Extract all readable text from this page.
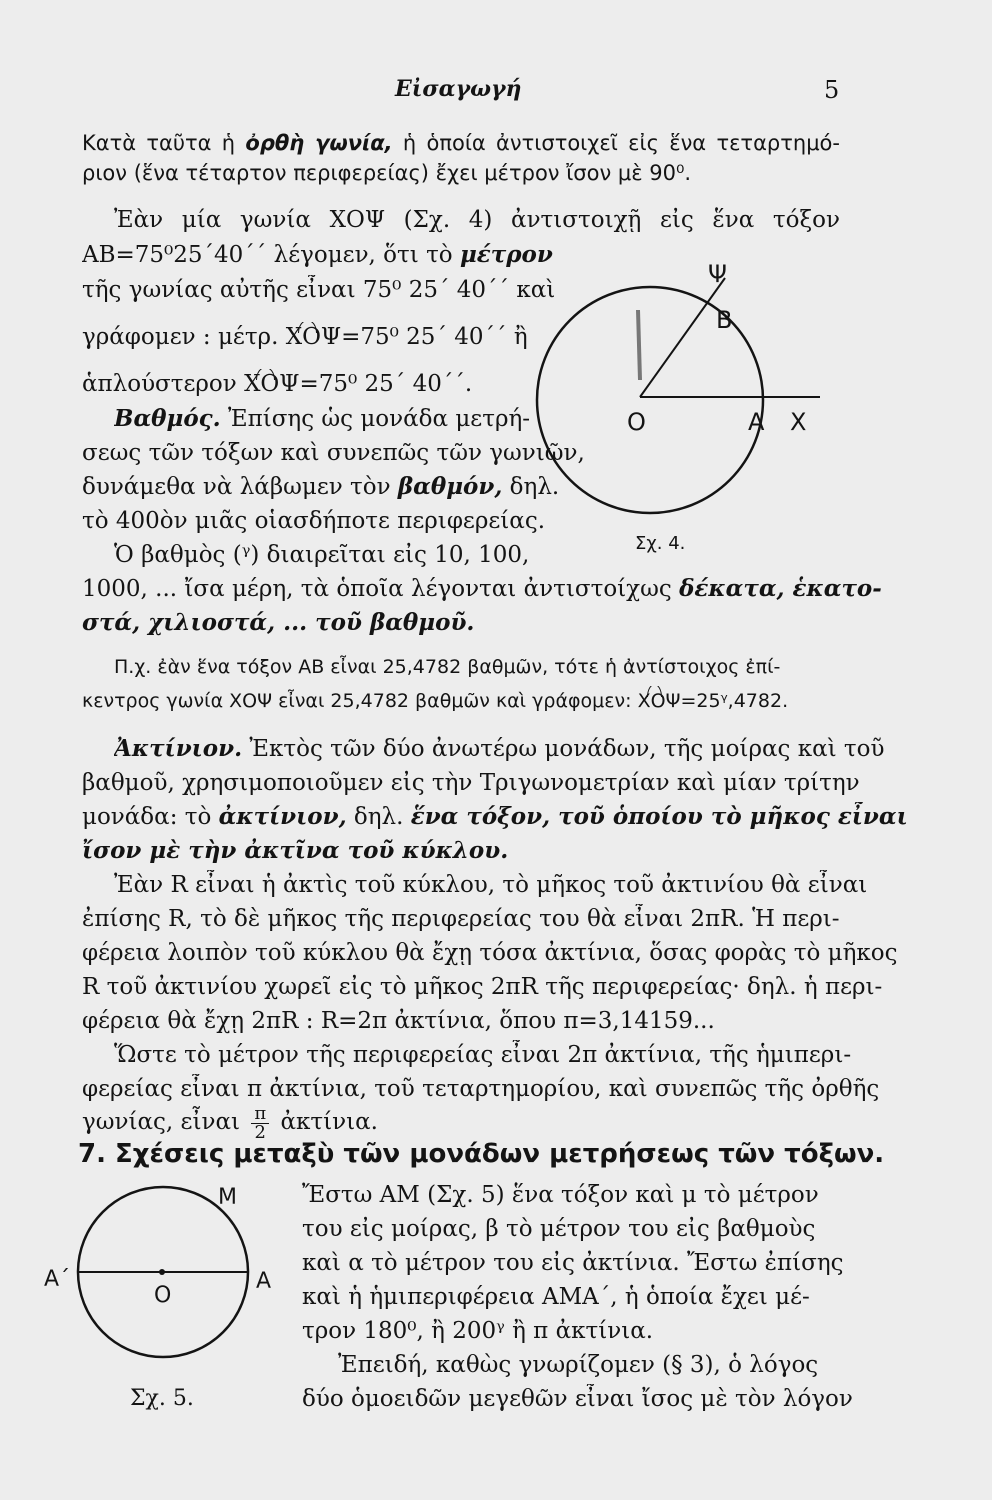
Εἰσαγωγή	5
Κατὰ ταῦτα ἡ ὀρθὴ γωνία, ἡ ὁποία ἀντιστοιχεῖ εἰς ἕνα τεταρτημό-
ριον (ἕνα τέταρτον περιφερείας) ἔχει μέτρον ἴσον μὲ 90⁰.
Ἐὰν μία γωνία ΧΟΨ (Σχ. 4) ἀντιστοιχῇ εἰς ἕνα τόξον
ΑΒ=75⁰25΄40΄΄ λέγομεν, ὅτι τὸ μέτρον
τῆς γωνίας αὐτῆς εἶναι 75⁰ 25΄ 40΄΄ καὶ
γράφομεν : μέτρ. ΧΟΨ=75⁰ 25΄ 40΄΄ ἢ
ἁπλούστερον ΧΟΨ=75⁰ 25΄ 40΄΄.
Βαθμός. Ἐπίσης ὡς μονάδα μετρή-
σεως τῶν τόξων καὶ συνεπῶς τῶν γωνιῶν,
δυνάμεθα νὰ λάβωμεν τὸν βαθμόν, δηλ.
τὸ 400ὸν μιᾶς οἱασδήποτε περιφερείας.
Ὁ βαθμὸς (ᵞ) διαιρεῖται εἰς 10, 100,
1000, ... ἴσα μέρη, τὰ ὁποῖα λέγονται ἀντιστοίχως δέκατα, ἑκατο-
στά, χιλιοστά, ... τοῦ βαθμοῦ.
Π.χ. ἐὰν ἕνα τόξον ΑΒ εἶναι 25,4782 βαθμῶν, τότε ἡ ἀντίστοιχος ἐπί-
κεντρος γωνία ΧΟΨ εἶναι 25,4782 βαθμῶν καὶ γράφομεν: ΧΟΨ=25ᵞ,4782.
Ἀκτίνιον. Ἐκτὸς τῶν δύο ἀνωτέρω μονάδων, τῆς μοίρας καὶ τοῦ
βαθμοῦ, χρησιμοποιοῦμεν εἰς τὴν Τριγωνομετρίαν καὶ μίαν τρίτην
μονάδα: τὸ ἀκτίνιον, δηλ. ἕνα τόξον, τοῦ ὁποίου τὸ μῆκος εἶναι
ἴσον μὲ τὴν ἀκτῖνα τοῦ κύκλου.
Ἐὰν R εἶναι ἡ ἀκτὶς τοῦ κύκλου, τὸ μῆκος τοῦ ἀκτινίου θὰ εἶναι
ἐπίσης R, τὸ δὲ μῆκος τῆς περιφερείας του θὰ εἶναι 2πR. Ἡ περι-
φέρεια λοιπὸν τοῦ κύκλου θὰ ἔχῃ τόσα ἀκτίνια, ὅσας φορὰς τὸ μῆκος
R τοῦ ἀκτινίου χωρεῖ εἰς τὸ μῆκος 2πR τῆς περιφερείας· δηλ. ἡ περι-
φέρεια θὰ ἔχῃ 2πR : R=2π ἀκτίνια, ὅπου π=3,14159...
Ὥστε τὸ μέτρον τῆς περιφερείας εἶναι 2π ἀκτίνια, τῆς ἡμιπερι-
φερείας εἶναι π ἀκτίνια, τοῦ τεταρτημορίου, καὶ συνεπῶς τῆς ὀρθῆς
γωνίας, εἶναι $\frac{\pi}{2}$ ἀκτίνια.
7. Σχέσεις μεταξὺ τῶν μονάδων μετρήσεως τῶν τόξων.
Ἔστω ΑΜ (Σχ. 5) ἕνα τόξον καὶ μ τὸ μέτρον
του εἰς μοίρας, β τὸ μέτρον του εἰς βαθμοὺς
καὶ α τὸ μέτρον του εἰς ἀκτίνια. Ἔστω ἐπίσης
καὶ ἡ ἡμιπεριφέρεια ΑΜΑ΄, ἡ ὁποία ἔχει μέ-
τρον 180⁰, ἢ 200ᵞ ἢ π ἀκτίνια.
Ἐπειδή, καθὼς γνωρίζομεν (§ 3), ὁ λόγος
δύο ὁμοειδῶν μεγεθῶν εἶναι ἴσος μὲ τὸν λόγον
Ψ
Β
Ο	Α Χ
Σχ. 4.
Μ
Α΄
Ο
Α
Σχ. 5.
